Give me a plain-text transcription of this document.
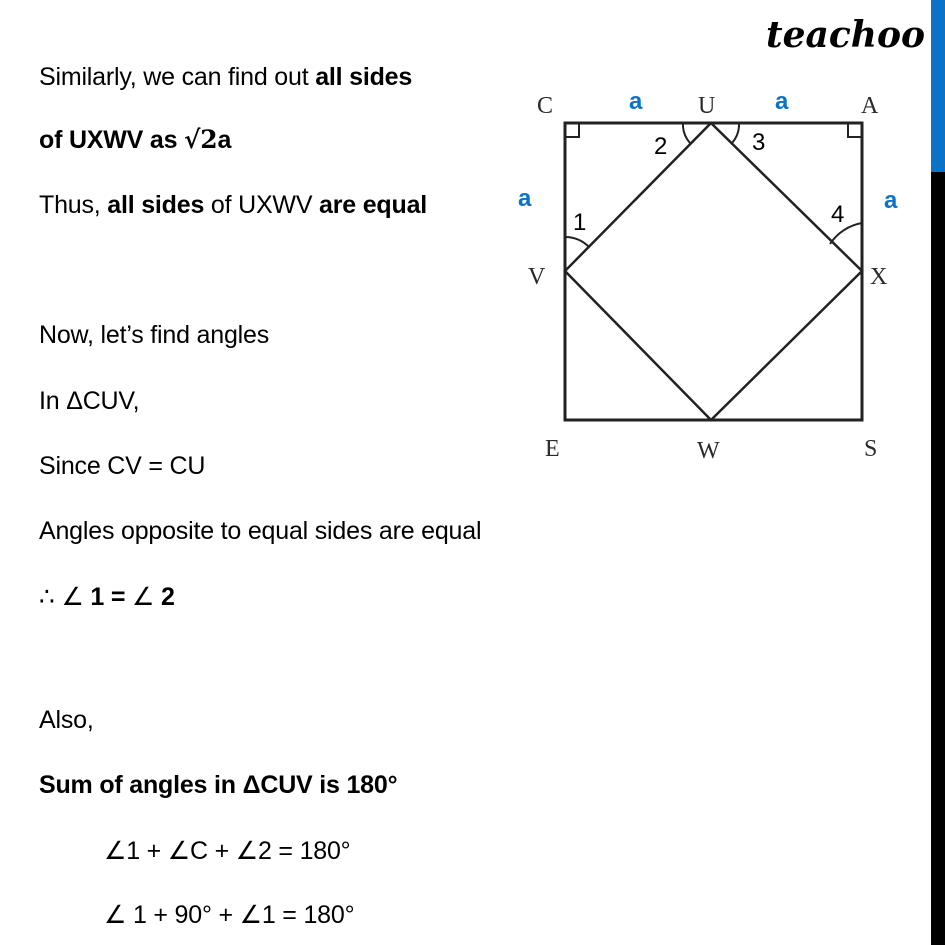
teachoo
Similarly, we can find out all sides
of UXWV as √2a
Thus, all sides of UXWV are equal
Now, let’s find angles
In ΔCUV,
Since CV = CU
Angles opposite to equal sides are equal
∴ ∠ 1 = ∠ 2
Also,
Sum of angles in ΔCUV is 180°
∠1 + ∠C + ∠2 = 180°
∠ 1 + 90° + ∠1 = 180°
C	U	A
V	X
E	W	S
a	a
a	a
1
2	3
4
